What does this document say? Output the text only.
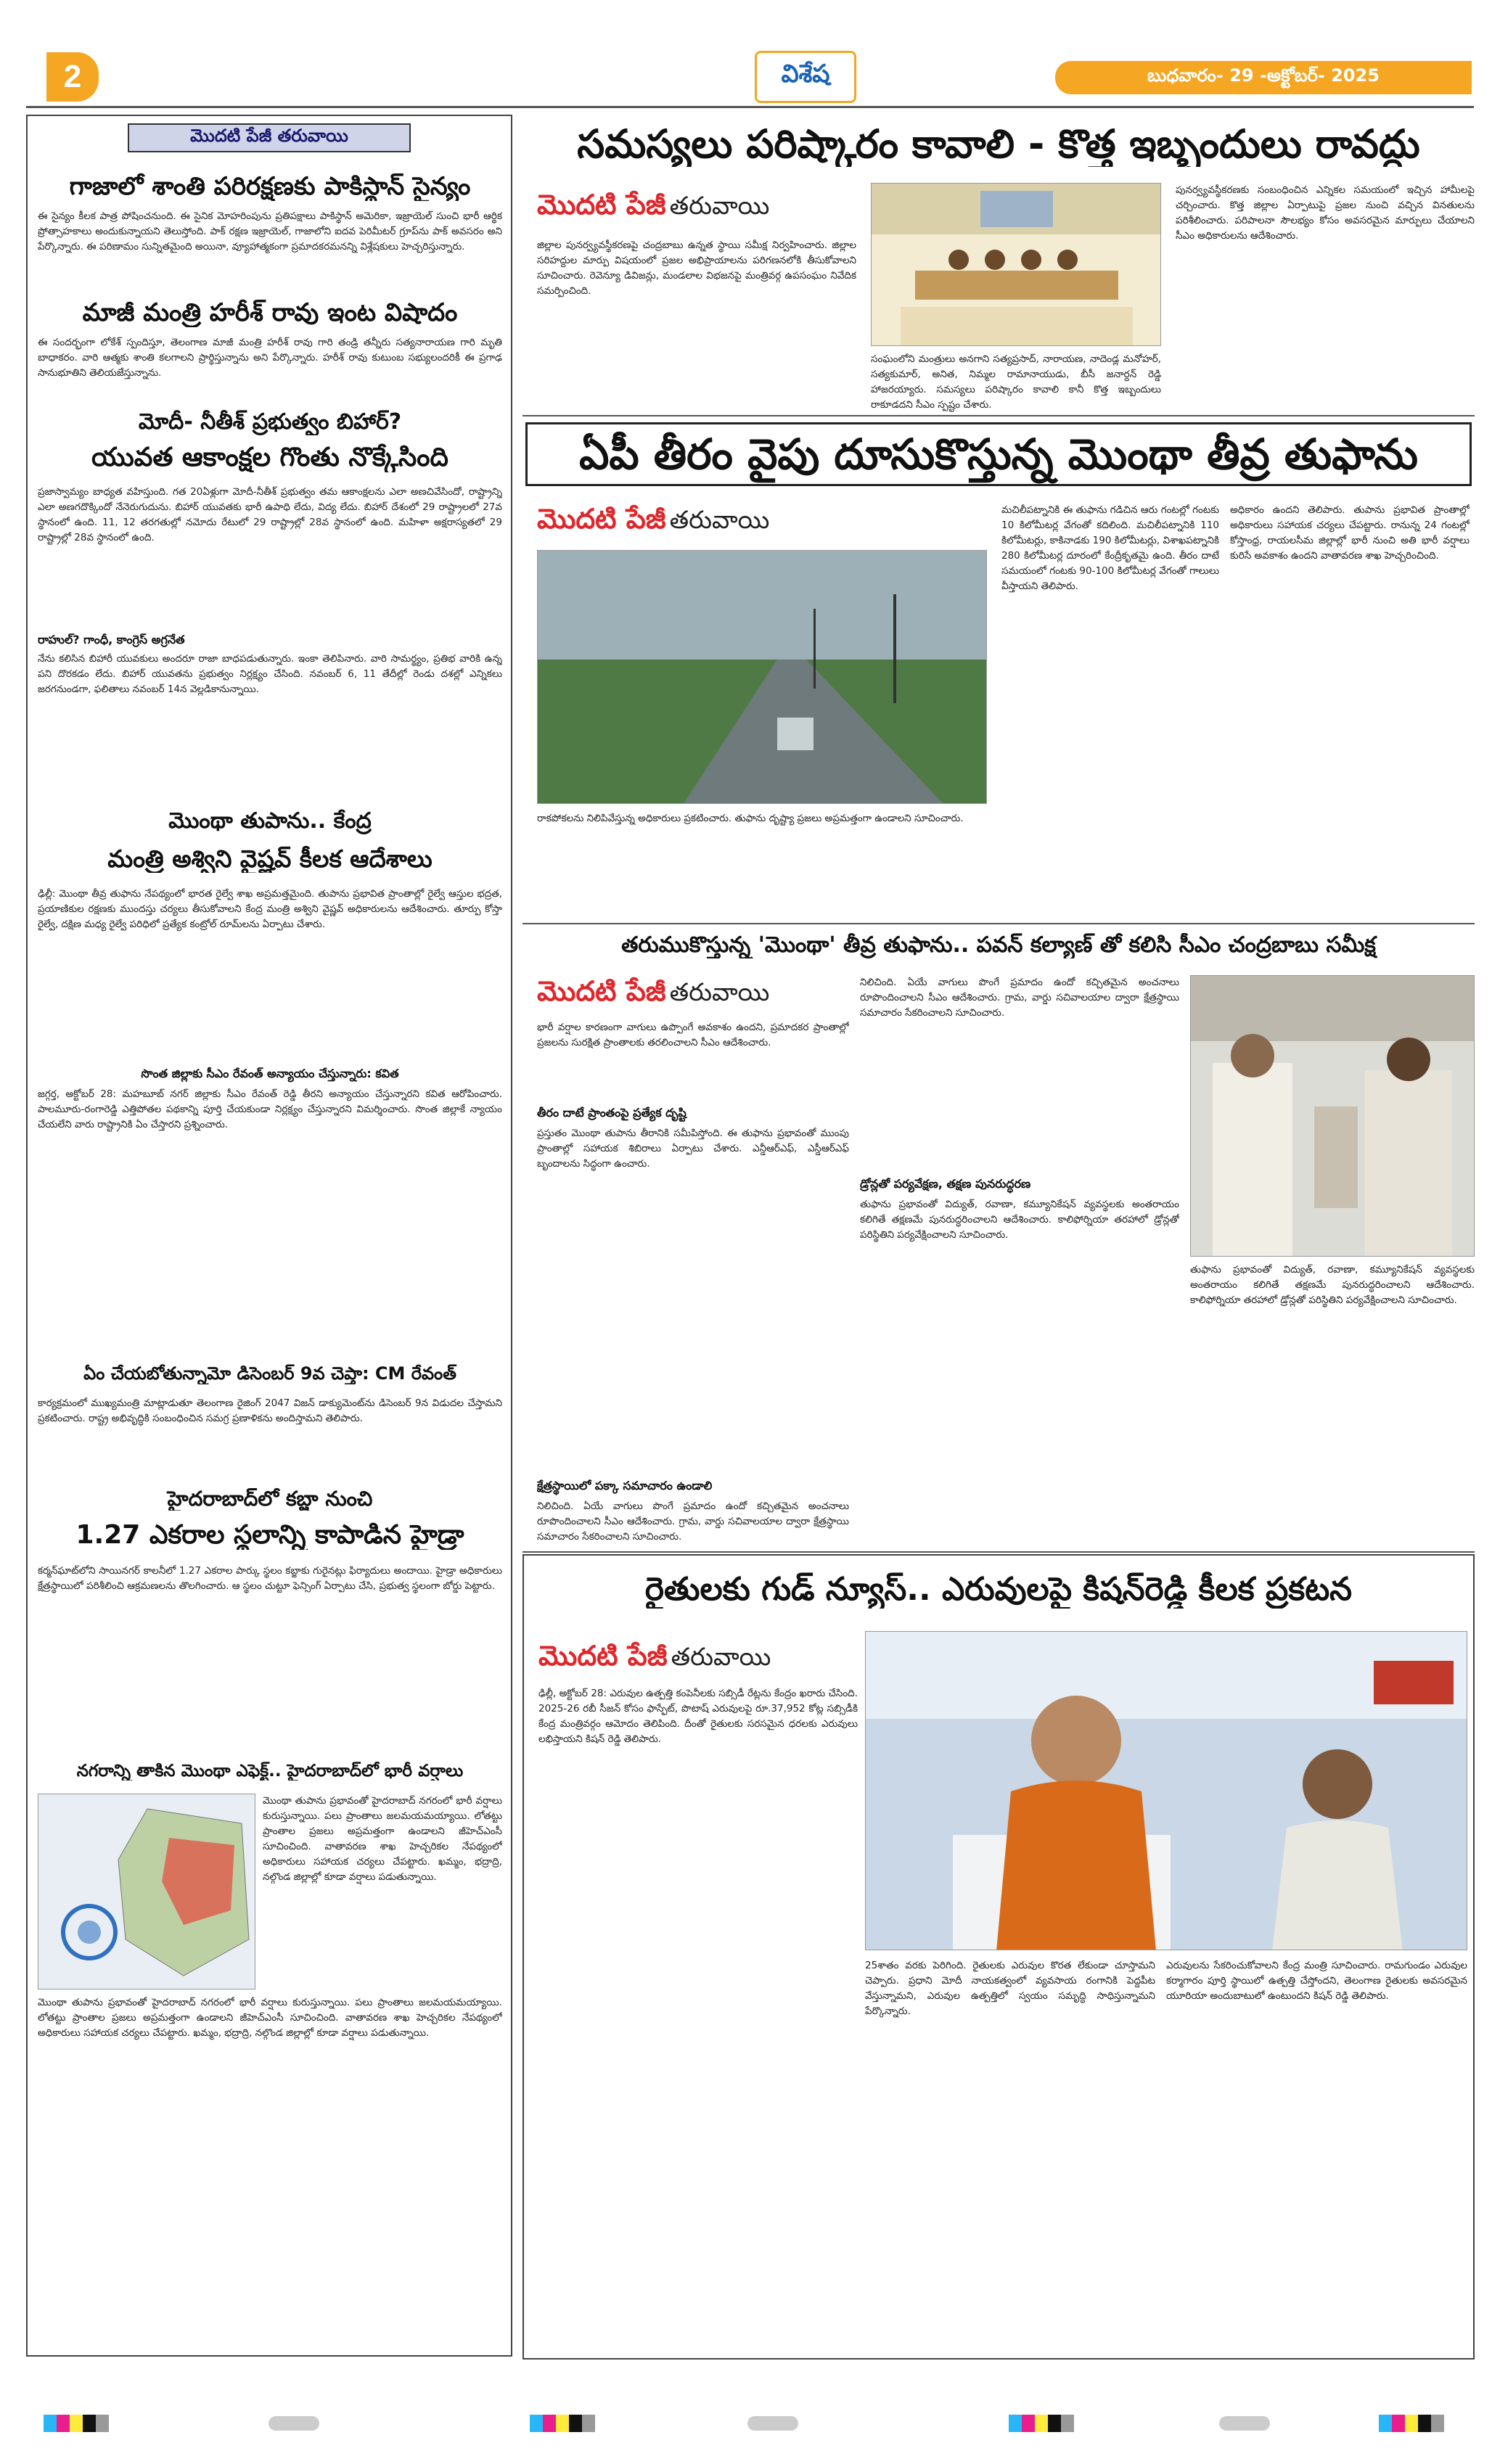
2	విశేష	బుధవారం- 29 -అక్టోబర్- 2025
మొదటి పేజీ తరువాయి
గాజాలో శాంతి పరిరక్షణకు పాకిస్థాన్ సైన్యం
ఈ సైన్యం కీలక పాత్ర పోషించనుంది. ఈ సైనిక మోహరింపును ప్రతిపక్షాలు పాకిస్థాన్ అమెరికా, ఇజ్రాయెల్ సుంచి భారీ ఆర్థిక ప్రోత్సాహకాలు అందుకున్నాయని తెలుస్తోంది. పాక్ రక్షణ ఇజ్రాయెల్, గాజాలోని ఐదవ పెరిమీటర్ గ్రూప్‌ను పాక్ అవసరం అని పేర్కొన్నారు. ఈ పరిణామం సున్నితమైంది అయినా, వ్యూహాత్మకంగా ప్రమాదకరమనన్ని విశ్లేషకులు హెచ్చరిస్తున్నారు.
మాజీ మంత్రి హరీశ్ రావు ఇంట విషాదం
ఈ సందర్భంగా లోకేశ్ స్పందిస్తూ, తెలంగాణ మాజీ మంత్రి హరీశ్ రావు గారి తండ్రి తన్నీరు సత్యనారాయణ గారి మృతి బాధాకరం. వారి ఆత్మకు శాంతి కలగాలని ప్రార్థిస్తున్నాను అని పేర్కొన్నారు. హరీశ్ రావు కుటుంబ సభ్యులందరికీ ఈ ప్రగాఢ సానుభూతిని తెలియజేస్తున్నాను.
మోదీ- నీతీశ్ ప్రభుత్వం బిహార్?
యువత ఆకాంక్షల గొంతు నొక్కేసింది
ప్రజాస్వామ్యం బాధ్యత వహిస్తుంది. గత 20ఏళ్లుగా మోదీ-నీతీశ్ ప్రభుత్వం తమ ఆకాంక్షలను ఎలా అణచివేసిందో, రాష్ట్రాన్ని ఎలా అణగదొక్కిందో నేనెరుగుదును. బిహార్ యువతకు భారీ ఉపాధి లేదు, విద్య లేదు. బిహార్ దేశంలో 29 రాష్ట్రాలలో 27వ స్థానంలో ఉంది. 11, 12 తరగతుల్లో నమోదు రేటులో 29 రాష్ట్రాల్లో 28వ స్థానంలో ఉంది. మహిళా అక్షరాస్యతలో 29 రాష్ట్రాల్లో 28వ స్థానంలో ఉంది.
రాహుల్? గాంధీ, కాంగ్రెస్ అగ్రనేత
నేను కలిసిన బిహారీ యువకులు అందరూ రాజా బాధపడుతున్నారు. ఇంకా తెలిపినారు. వారి సామర్థ్యం, ప్రతిభ వారికి ఉన్న పని దొరకడం లేదు. బిహార్ యువతను ప్రభుత్వం నిర్లక్ష్యం చేసింది. నవంబర్ 6, 11 తేదీల్లో రెండు దశల్లో ఎన్నికలు జరగనుండగా, ఫలితాలు నవంబర్ 14న వెల్లడికానున్నాయి.
మొంథా తుపాను.. కేంద్ర
మంత్రి అశ్విని వైష్ణవ్ కీలక ఆదేశాలు
ఢిల్లీ: మొంథా తీవ్ర తుఫాను నేపథ్యంలో భారత రైల్వే శాఖ అప్రమత్తమైంది. తుపాను ప్రభావిత ప్రాంతాల్లో రైల్వే ఆస్తుల భద్రత, ప్రయాణికుల రక్షణకు ముందస్తు చర్యలు తీసుకోవాలని కేంద్ర మంత్రి అశ్విని వైష్ణవ్ అధికారులను ఆదేశించారు. తూర్పు కోస్తా రైల్వే, దక్షిణ మధ్య రైల్వే పరిధిలో ప్రత్యేక కంట్రోల్ రూమ్‌లను ఏర్పాటు చేశారు.
సొంత జిల్లాకు సీఎం రేవంత్ అన్యాయం చేస్తున్నారు: కవిత
జగ్గర్త, అక్టోబర్ 28: మహబూబ్ నగర్ జిల్లాకు సీఎం రేవంత్ రెడ్డి తీరని అన్యాయం చేస్తున్నారని కవిత ఆరోపించారు. పాలమూరు-రంగారెడ్డి ఎత్తిపోతల పథకాన్ని పూర్తి చేయకుండా నిర్లక్ష్యం చేస్తున్నారని విమర్శించారు. సొంత జిల్లాకే న్యాయం చేయలేని వారు రాష్ట్రానికి ఏం చేస్తారని ప్రశ్నించారు.
ఏం చేయబోతున్నామో డిసెంబర్ 9వ చెప్తా: CM రేవంత్
కార్యక్రమంలో ముఖ్యమంత్రి మాట్లాడుతూ తెలంగాణ రైజింగ్ 2047 విజన్ డాక్యుమెంట్‌ను డిసెంబర్ 9న విడుదల చేస్తామని ప్రకటించారు. రాష్ట్ర అభివృద్ధికి సంబంధించిన సమగ్ర ప్రణాళికను అందిస్తామని తెలిపారు.
హైదరాబాద్‌లో కబ్జా నుంచి
1.27 ఎకరాల స్థలాన్ని కాపాడిన హైడ్రా
కర్మన్‌ఘాట్‌లోని సాయినగర్ కాలనీలో 1.27 ఎకరాల పార్కు స్థలం కబ్జాకు గురైనట్లు ఫిర్యాదులు అందాయి. హైడ్రా అధికారులు క్షేత్రస్థాయిలో పరిశీలించి ఆక్రమణలను తొలగించారు. ఆ స్థలం చుట్టూ ఫెన్సింగ్ ఏర్పాటు చేసి, ప్రభుత్వ స్థలంగా బోర్డు పెట్టారు.
నగరాన్ని తాకిన మొంథా ఎఫెక్ట్.. హైదరాబాద్‌లో భారీ వర్షాలు
మొంథా తుపాను ప్రభావంతో హైదరాబాద్ నగరంలో భారీ వర్షాలు కురుస్తున్నాయి. పలు ప్రాంతాలు జలమయమయ్యాయి. లోతట్టు ప్రాంతాల ప్రజలు అప్రమత్తంగా ఉండాలని జీహెచ్ఎంసీ సూచించింది. వాతావరణ శాఖ హెచ్చరికల నేపథ్యంలో అధికారులు సహాయక చర్యలు చేపట్టారు. ఖమ్మం, భద్రాద్రి, నల్గొండ జిల్లాల్లో కూడా వర్షాలు పడుతున్నాయి.
మొంథా తుపాను ప్రభావంతో హైదరాబాద్ నగరంలో భారీ వర్షాలు కురుస్తున్నాయి. పలు ప్రాంతాలు జలమయమయ్యాయి. లోతట్టు ప్రాంతాల ప్రజలు అప్రమత్తంగా ఉండాలని జీహెచ్ఎంసీ సూచించింది. వాతావరణ శాఖ హెచ్చరికల నేపథ్యంలో అధికారులు సహాయక చర్యలు చేపట్టారు. ఖమ్మం, భద్రాద్రి, నల్గొండ జిల్లాల్లో కూడా వర్షాలు పడుతున్నాయి.
సమస్యలు పరిష్కారం కావాలి - కొత్త ఇబ్బందులు రావద్దు
మొదటి పేజీ తరువాయి
జిల్లాల పునర్వ్యవస్థీకరణపై చంద్రబాబు ఉన్నత స్థాయి సమీక్ష నిర్వహించారు. జిల్లాల సరిహద్దుల మార్పు విషయంలో ప్రజల అభిప్రాయాలను పరిగణనలోకి తీసుకోవాలని సూచించారు. రెవెన్యూ డివిజన్లు, మండలాల విభజనపై మంత్రివర్గ ఉపసంఘం నివేదిక సమర్పించింది.
సంఘంలోని మంత్రులు అనగాని సత్యప్రసాద్, నారాయణ, నాదెండ్ల మనోహర్, సత్యకుమార్, అనిత, నిమ్మల రామానాయుడు, బీసీ జనార్దన్ రెడ్డి హాజరయ్యారు. సమస్యలు పరిష్కారం కావాలి కానీ కొత్త ఇబ్బందులు రాకూడదని సీఎం స్పష్టం చేశారు.
పునర్వ్యవస్థీకరణకు సంబంధించిన ఎన్నికల సమయంలో ఇచ్చిన హామీలపై చర్చించారు. కొత్త జిల్లాల ఏర్పాటుపై ప్రజల నుంచి వచ్చిన వినతులను పరిశీలించారు. పరిపాలనా సౌలభ్యం కోసం అవసరమైన మార్పులు చేయాలని సీఎం అధికారులను ఆదేశించారు.
ఏపీ తీరం వైపు దూసుకొస్తున్న మొంథా తీవ్ర తుఫాను
మొదటి పేజీ తరువాయి
రాకపోకలను నిలిపివేస్తున్న అధికారులు ప్రకటించారు. తుఫాను దృష్ట్యా ప్రజలు అప్రమత్తంగా ఉండాలని సూచించారు.
మచిలీపట్నానికి ఈ తుఫాను గడిచిన ఆరు గంటల్లో గంటకు 10 కిలోమీటర్ల వేగంతో కదిలింది. మచిలీపట్నానికి 110 కిలోమీటర్లు, కాకినాడకు 190 కిలోమీటర్లు, విశాఖపట్నానికి 280 కిలోమీటర్ల దూరంలో కేంద్రీకృతమై ఉంది. తీరం దాటే సమయంలో గంటకు 90-100 కిలోమీటర్ల వేగంతో గాలులు వీస్తాయని తెలిపారు.
అధికారం ఉందని తెలిపారు. తుపాను ప్రభావిత ప్రాంతాల్లో అధికారులు సహాయక చర్యలు చేపట్టారు. రానున్న 24 గంటల్లో కోస్తాంధ్ర, రాయలసీమ జిల్లాల్లో భారీ నుంచి అతి భారీ వర్షాలు కురిసే అవకాశం ఉందని వాతావరణ శాఖ హెచ్చరించింది.
తరుముకొస్తున్న 'మొంథా' తీవ్ర తుఫాను.. పవన్ కల్యాణ్ తో కలిసి సీఎం చంద్రబాబు సమీక్ష
మొదటి పేజీ తరువాయి
భారీ వర్షాల కారణంగా వాగులు ఉప్పొంగే అవకాశం ఉందని, ప్రమాదకర ప్రాంతాల్లో ప్రజలను సురక్షిత ప్రాంతాలకు తరలించాలని సీఎం ఆదేశించారు.
తీరం దాటే ప్రాంతంపై ప్రత్యేక దృష్టి
ప్రస్తుతం మొంథా తుపాను తీరానికి సమీపిస్తోంది. ఈ తుఫాను ప్రభావంతో ముంపు ప్రాంతాల్లో సహాయక శిబిరాలు ఏర్పాటు చేశారు. ఎన్డీఆర్ఎఫ్, ఎస్డీఆర్ఎఫ్ బృందాలను సిద్ధంగా ఉంచారు.
క్షేత్రస్థాయిలో పక్కా సమాచారం ఉండాలి
నిలిచింది. ఏయే వాగులు పొంగే ప్రమాదం ఉందో కచ్చితమైన అంచనాలు రూపొందించాలని సీఎం ఆదేశించారు. గ్రామ, వార్డు సచివాలయాల ద్వారా క్షేత్రస్థాయి సమాచారం సేకరించాలని సూచించారు.
నిలిచింది. ఏయే వాగులు పొంగే ప్రమాదం ఉందో కచ్చితమైన అంచనాలు రూపొందించాలని సీఎం ఆదేశించారు. గ్రామ, వార్డు సచివాలయాల ద్వారా క్షేత్రస్థాయి సమాచారం సేకరించాలని సూచించారు.
డ్రోన్లతో పర్యవేక్షణ, తక్షణ పునరుద్ధరణ
తుఫాను ప్రభావంతో విద్యుత్, రవాణా, కమ్యూనికేషన్ వ్యవస్థలకు అంతరాయం కలిగితే తక్షణమే పునరుద్ధరించాలని ఆదేశించారు. కాలిఫోర్నియా తరహాలో డ్రోన్లతో పరిస్థితిని పర్యవేక్షించాలని సూచించారు.
తుఫాను ప్రభావంతో విద్యుత్, రవాణా, కమ్యూనికేషన్ వ్యవస్థలకు అంతరాయం కలిగితే తక్షణమే పునరుద్ధరించాలని ఆదేశించారు. కాలిఫోర్నియా తరహాలో డ్రోన్లతో పరిస్థితిని పర్యవేక్షించాలని సూచించారు.
రైతులకు గుడ్ న్యూస్.. ఎరువులపై కిషన్‌రెడ్డి కీలక ప్రకటన
మొదటి పేజీ తరువాయి
ఢిల్లీ, అక్టోబర్ 28: ఎరువుల ఉత్పత్తి కంపెనీలకు సబ్సిడీ రేట్లను కేంద్రం ఖరారు చేసింది. 2025-26 రబీ సీజన్ కోసం ఫాస్ఫేట్, పొటాష్ ఎరువులపై రూ.37,952 కోట్ల సబ్సిడీకి కేంద్ర మంత్రివర్గం ఆమోదం తెలిపింది. దీంతో రైతులకు సరసమైన ధరలకు ఎరువులు లభిస్తాయని కిషన్ రెడ్డి తెలిపారు.
25శాతం వరకు పెరిగింది. రైతులకు ఎరువుల కొరత లేకుండా చూస్తామని చెప్పారు. ప్రధాని మోదీ నాయకత్వంలో వ్యవసాయ రంగానికి పెద్దపీట వేస్తున్నామని, ఎరువుల ఉత్పత్తిలో స్వయం సమృద్ధి సాధిస్తున్నామని పేర్కొన్నారు.
ఎరువులను సేకరించుకోవాలని కేంద్ర మంత్రి సూచించారు. రామగుండం ఎరువుల కర్మాగారం పూర్తి స్థాయిలో ఉత్పత్తి చేస్తోందని, తెలంగాణ రైతులకు అవసరమైన యూరియా అందుబాటులో ఉంటుందని కిషన్ రెడ్డి తెలిపారు.
